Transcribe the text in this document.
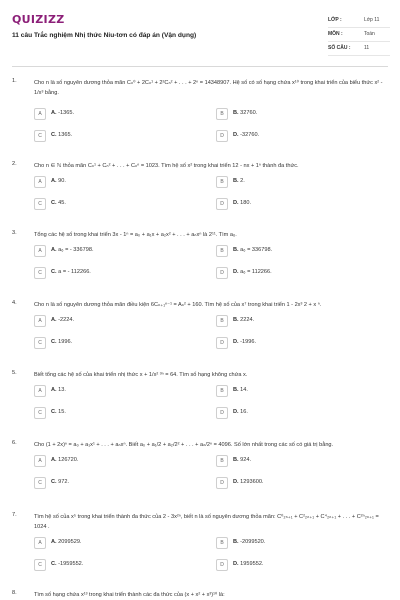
QUIZIZZ
11 câu Trắc nghiệm Nhị thức Niu-tơn có đáp án (Vận dụng)
LỚP :	Lớp 11
MÔN :	Toán
SỐ CÂU :	11
1.	Cho n là số nguyên dương thỏa mãn Cₙ⁰ + 2Cₙ¹ + 2²Cₙ² + . . . + 2ⁿ = 14348907. Hệ số có số hạng chứa x¹⁰ trong khai triển của biểu thức x² - 1/x³ bằng.
A	A. -1365.	B	B. 32760.
C	C. 1365.	D	D. -32760.
2.	Cho n ∈ ℕ thỏa mãn Cₙ¹ + Cₙ² + . . . + Cₙⁿ = 1023. Tìm hệ số x² trong khai triển 12 - nx + 1ⁿ thành đa thức.
A	A. 90.	B	B. 2.
C	C. 45.	D	D. 180.
3.	Tổng các hệ số trong khai triển 3x - 1ⁿ = a₀ + a₁x + a₂x² + . . . + aₙxⁿ là 2¹¹. Tìm a₆.
A	A. a₆ = - 336798.	B	B. a₆ = 336798.
C	C. a = - 112266.	D	D. a₆ = 112266.
4.	Cho n là số nguyên dương thỏa mãn điều kiện 6Cₙ₊₁ⁿ⁻¹ = Aₙ² + 160. Tìm hệ số của x⁷ trong khai triển 1 - 2x³ 2 + x ⁿ.
A	A. -2224.	B	B. 2224.
C	C. 1996.	D	D. -1996.
5.	Biết tổng các hệ số của khai triển nhị thức x + 1/x² ³ⁿ = 64. Tìm số hạng không chứa x.
A	A. 13.	B	B. 14.
C	C. 15.	D	D. 16.
6.	Cho (1 + 2x)ⁿ = a₀ + a₁x¹ + . . . + aₙxⁿ. Biết a₀ + a₁/2 + a₂/2² + . . . + aₙ/2ⁿ = 4096. Số lớn nhất trong các số có giá trị bằng.
A	A. 126720.	B	B. 924.
C	C. 972.	D	D. 1293600.
7.	Tìm hệ số của x⁵ trong khai triển thành đa thức của 2 - 3x²ⁿ, biết n là số nguyên dương thỏa mãn: C⁰₂ₙ₊₁ + C²₂ₙ₊₁ + C⁴₂ₙ₊₁ + . . . + C²ⁿ₂ₙ₊₁ = 1024 .
A	A. 2099529.	B	B. -2099520.
C	C. -1959552.	D	D. 1959552.
8.	Tìm số hạng chứa x¹³ trong khai triển thành các đa thức của (x + x² + x³)¹⁰ là:
